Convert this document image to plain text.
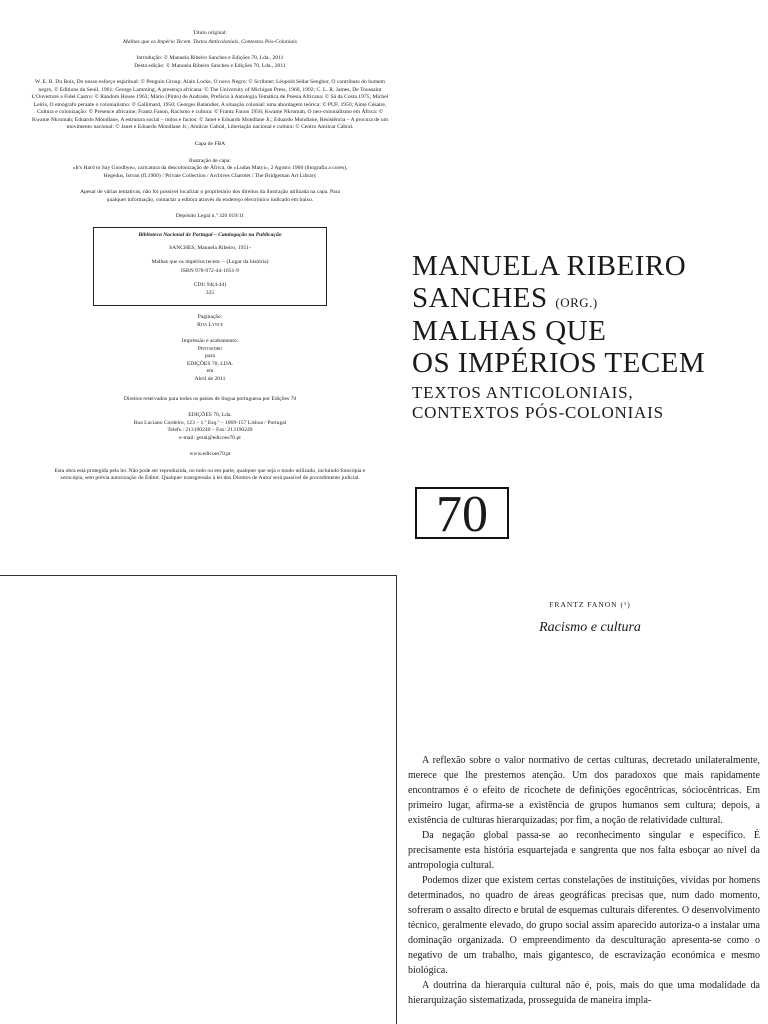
Título original:

Malhas que os Império Tecem. Textos Anticoloniais, Contextos Pós-Coloniais

Introdução: © Manuela Ribeiro Sanches e Edições 70, Lda., 2011

Desta edição: © Manuela Ribeiro Sanches e Edições 70, Lda., 2011

W. E. B. Du Bois, Do nosso esforço espiritual: © Penguin Group; Alain Locke, O novo Negro: © Scribner; Léopold Sédar Senghor, O contributo do homem negro, © Editions du Seuil, 1961; George Lamming, A presença africana: © The University of Michigan Press, 1960, 1992; C. L. R. James, De Toussaint L'Ouverture a Fidel Castro: © Random House 1963; Mário (Pinto) de Andrade, Prefácio à Antologia Temática de Poesia Africana: © Sá da Costa 1975; Michel Leiris, O etnógrafo perante o colonialismo: © Gallimard, 1950; Georges Balandier, A situação colonial: uma abordagem teórica: © PUF, 1950; Aimé Césaire, Cultura e colonização: © Présence africaine; Frantz Fanon, Racismo e cultura: © Frantz Fanon 1956; Kwame Nkrumah, O neo-colonialismo em África: © Kwame Nkrumah; Eduardo Mondlane, A estrutura social – mitos e factos: © Janet e Eduardo Mondlane Jr.; Eduardo Mondlane, Resistência – A procura de um movimento nacional: © Janet e Eduardo Mondlane Jr.; Amílcar Cabral, Libertação nacional e cultura: © Centro Amílcar Cabral.

Capa de FBA

Ilustração de capa:

«It's Hard to Say Goodbye», caricatura da descolonização de África, de «Ludas Matyi», 2 Agosto 1960 (litografia a cores), Hegedus, Istvan (fl.1960) / Private Collection / Archives Charmet / The Bridgeman Art Library

Apesar de várias tentativas, não foi possível localizar o proprietário dos direitos da ilustração utilizada na capa. Para qualquer informação, contactar a editora através do endereço electrónico indicado em baixo.

Depósito Legal n.º 326 619/11

Biblioteca Nacional de Portugal – Catalogação na Publicação

SANCHES, Manuela Ribeiro, 1951-

Malhas que os impérios tecem. – (Lugar da história)

ISBN 978-972-44-1651-9

CDU 94(4-44)

325

Paginação:

Rita Lynce

Impressão e acabamento:

Pentaedro

para

EDIÇÕES 70, LDA.

em

Abril de 2011

Direitos reservados para todos os países de língua portuguesa por Edições 70

EDIÇÕES 70, Lda.

Rua Luciano Cordeiro, 123 – 1.º Esq.º – 1069-157 Lisboa / Portugal

Telefs.: 213190240 – Fax: 213190249

e-mail: geral@edicoes70.pt

www.edicoes70.pt

Esta obra está protegida pela lei. Não pode ser reproduzida, no todo ou em parte, qualquer que seja o modo utilizado, incluindo fotocópia e xerocópia, sem prévia autorização do Editor. Qualquer transgressão à lei dos Direitos de Autor será passível de procedimento judicial.

MANUELA RIBEIRO
SANCHES (ORG.)
MALHAS QUE
OS IMPÉRIOS TECEM
TEXTOS ANTICOLONIAIS,
CONTEXTOS PÓS-COLONIAIS
70
FRANTZ FANON (¹)
Racismo e cultura

A reflexão sobre o valor normativo de certas culturas, decretado unilateralmente, merece que lhe prestemos atenção. Um dos paradoxos que mais rapidamente encontramos é o efeito de ricochete de definições egocêntricas, sóciocêntricas. Em primeiro lugar, afirma-se a existência de grupos humanos sem cultura; depois, a existência de culturas hierarquizadas; por fim, a noção de relatividade cultural.

Da negação global passa-se ao reconhecimento singular e específico. É precisamente esta história esquartejada e sangrenta que nos falta esboçar ao nível da antropologia cultural.

Podemos dizer que existem certas constelações de instituições, vividas por homens determinados, no quadro de áreas geográficas precisas que, num dado momento, sofreram o assalto directo e brutal de esquemas culturais diferentes. O desenvolvimento técnico, geralmente elevado, do grupo social assim aparecido autoriza-o a instalar uma dominação organizada. O empreendimento da desculturação apresenta-se como o negativo de um trabalho, mais gigantesco, de escravização económica e mesmo biológica.

A doutrina da hierarquia cultural não é, pois, mais do que uma modalidade da hierarquização sistematizada, prosseguida de maneira impla-
